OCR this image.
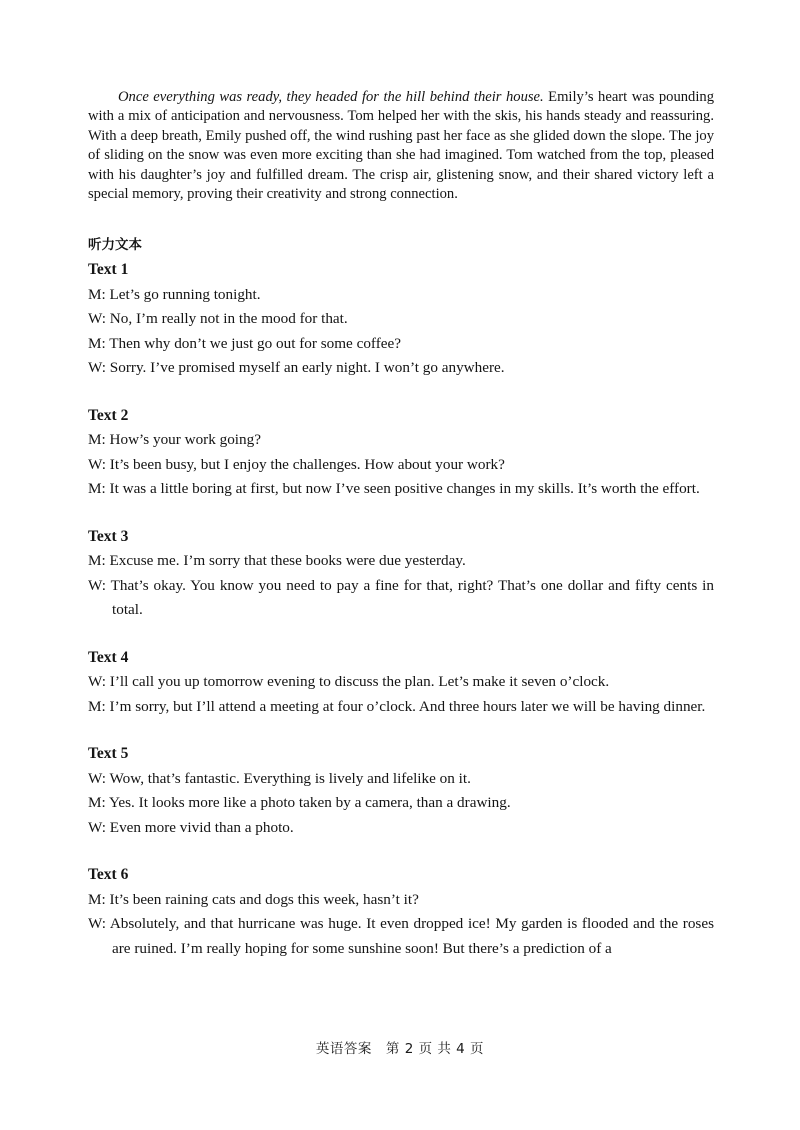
Once everything was ready, they headed for the hill behind their house. Emily’s heart was pounding with a mix of anticipation and nervousness. Tom helped her with the skis, his hands steady and reassuring. With a deep breath, Emily pushed off, the wind rushing past her face as she glided down the slope. The joy of sliding on the snow was even more exciting than she had imagined. Tom watched from the top, pleased with his daughter’s joy and fulfilled dream. The crisp air, glistening snow, and their shared victory left a special memory, proving their creativity and strong connection.

听力文本
Text 1

M: Let’s go running tonight.

W: No, I’m really not in the mood for that.

M: Then why don’t we just go out for some coffee?

W: Sorry. I’ve promised myself an early night. I won’t go anywhere.

Text 2

M: How’s your work going?

W: It’s been busy, but I enjoy the challenges. How about your work?

M: It was a little boring at first, but now I’ve seen positive changes in my skills. It’s worth the effort.

Text 3

M: Excuse me. I’m sorry that these books were due yesterday.

W: That’s okay. You know you need to pay a fine for that, right? That’s one dollar and fifty cents in total.

Text 4

W: I’ll call you up tomorrow evening to discuss the plan. Let’s make it seven o’clock.

M: I’m sorry, but I’ll attend a meeting at four o’clock. And three hours later we will be having dinner.

Text 5

W: Wow, that’s fantastic. Everything is lively and lifelike on it.

M: Yes. It looks more like a photo taken by a camera, than a drawing.

W: Even more vivid than a photo.

Text 6

M: It’s been raining cats and dogs this week, hasn’t it?

W: Absolutely, and that hurricane was huge. It even dropped ice! My garden is flooded and the roses are ruined. I’m really hoping for some sunshine soon! But there’s a prediction of a

英语答案　第 2 页 共 4 页
